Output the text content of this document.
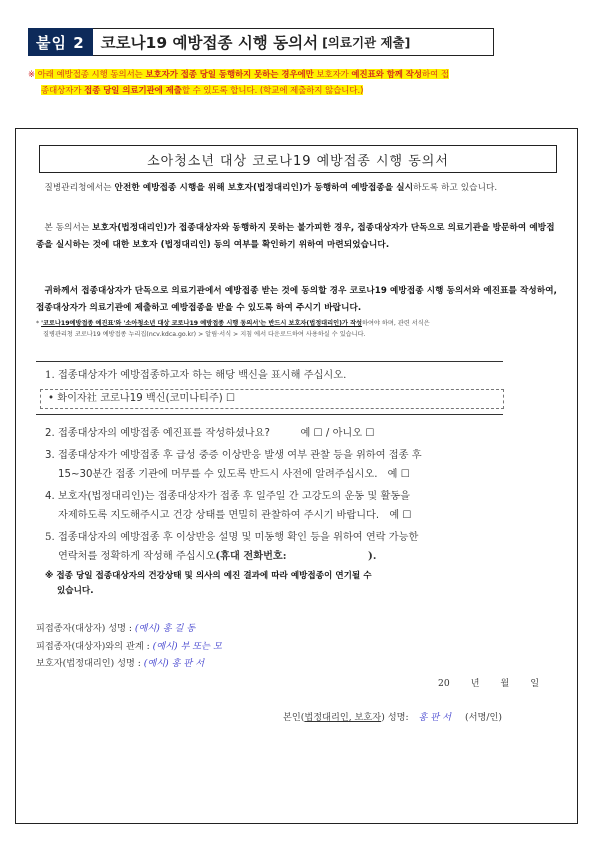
붙임 2	코로나19 예방접종 시행 동의서 [의료기관 제출]
※ 아래 예방접종 시행 동의서는 보호자가 접종 당일 동행하지 못하는 경우에만 보호자가 예진표와 함께 작성하여 접
종대상자가 접종 당일 의료기관에 제출할 수 있도록 합니다. (학교에 제출하지 않습니다.)
소아청소년 대상 코로나19 예방접종 시행 동의서
질병관리청에서는 안전한 예방접종 시행을 위해 보호자(법정대리인)가 동행하여 예방접종을 실시하도록 하고 있습니다.
본 동의서는 보호자(법정대리인)가 접종대상자와 동행하지 못하는 불가피한 경우, 접종대상자가 단독으로 의료기관을 방문하여 예방접종을 실시하는 것에 대한 보호자 (법정대리인) 동의 여부를 확인하기 위하여 마련되었습니다.
귀하께서 접종대상자가 단독으로 의료기관에서 예방접종 받는 것에 동의할 경우 코로나19 예방접종 시행 동의서와 예진표를 작성하여, 접종대상자가 의료기관에 제출하고 예방접종을 받을 수 있도록 하여 주시기 바랍니다.
* '코로나19예방접종 예진표'와 '소아청소년 대상 코로나19 예방접종 시행 동의서'는 반드시 보호자(법정대리인)가 작성하여야 하며, 관련 서식은
질병관리청 코로나19 예방접종 누리집(ncv.kdca.go.kr) > 알림·서식 > 지침 에서 다운로드하여 사용하실 수 있습니다.
1. 접종대상자가 예방접종하고자 하는 해당 백신을 표시해 주십시오.
• 화이자社 코로나19 백신(코미나티주) ☐
2. 접종대상자의 예방접종 예진표를 작성하셨나요?　　　예 ☐ / 아니오 ☐
3. 접종대상자가 예방접종 후 급성 중증 이상반응 발생 여부 관찰 등을 위하여 접종 후
15~30분간 접종 기관에 머무를 수 있도록 반드시 사전에 알려주십시오.　예 ☐
4. 보호자(법정대리인)는 접종대상자가 접종 후 일주일 간 고강도의 운동 및 활동을
자제하도록 지도해주시고 건강 상태를 면밀히 관찰하여 주시기 바랍니다.　예 ☐
5. 접종대상자의 예방접종 후 이상반응 설명 및 미동행 확인 등을 위하여 연락 가능한
연락처를 정확하게 작성해 주십시오(휴대 전화번호:　　　　　　　　).
※ 접종 당일 접종대상자의 건강상태 및 의사의 예진 결과에 따라 예방접종이 연기될 수
있습니다.
피접종자(대상자) 성명 : (예시) 홍 길 동
피접종자(대상자)와의 관계 : (예시) 부 또는 모
보호자(법정대리인) 성명 : (예시) 홍 판 서
20 년 월 일
본인(법정대리인, 보호자) 성명: 홍 판 서 (서명/인)
